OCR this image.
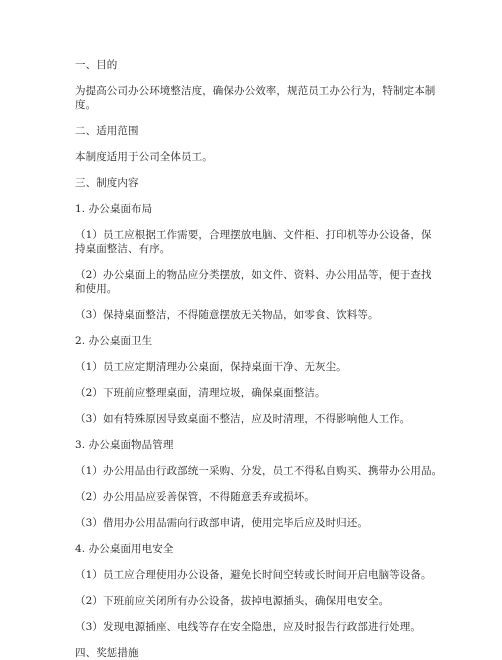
一、目的

为提高公司办公环境整洁度，确保办公效率，规范员工办公行为，特制定本制度。

二、适用范围

本制度适用于公司全体员工。

三、制度内容

1. 办公桌面布局

（1）员工应根据工作需要，合理摆放电脑、文件柜、打印机等办公设备，保持桌面整洁、有序。

（2）办公桌面上的物品应分类摆放，如文件、资料、办公用品等，便于查找和使用。

（3）保持桌面整洁，不得随意摆放无关物品，如零食、饮料等。

2. 办公桌面卫生

（1）员工应定期清理办公桌面，保持桌面干净、无灰尘。

（2）下班前应整理桌面，清理垃圾，确保桌面整洁。

（3）如有特殊原因导致桌面不整洁，应及时清理，不得影响他人工作。

3. 办公桌面物品管理

（1）办公用品由行政部统一采购、分发，员工不得私自购买、携带办公用品。

（2）办公用品应妥善保管，不得随意丢弃或损坏。

（3）借用办公用品需向行政部申请，使用完毕后应及时归还。

4. 办公桌面用电安全

（1）员工应合理使用办公设备，避免长时间空转或长时间开启电脑等设备。

（2）下班前应关闭所有办公设备，拔掉电源插头，确保用电安全。

（3）发现电源插座、电线等存在安全隐患，应及时报告行政部进行处理。

四、奖惩措施
